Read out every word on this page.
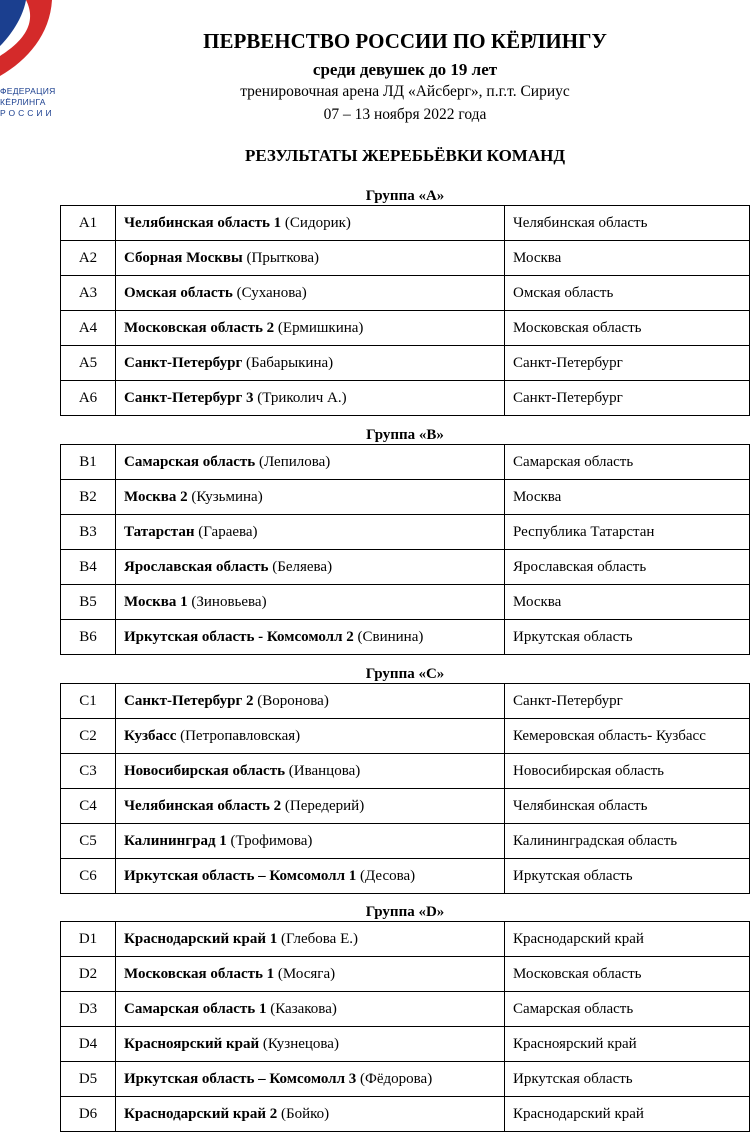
ФЕДЕРАЦИЯ
КЁРЛИНГА
РОССИИ
ПЕРВЕНСТВО РОССИИ ПО КЁРЛИНГУ
среди девушек до 19 лет
тренировочная арена ЛД «Айсберг», п.г.т. Сириус
07 – 13 ноября 2022 года
РЕЗУЛЬТАТЫ ЖЕРЕБЬЁВКИ КОМАНД
Группа «А»
A1	Челябинская область 1 (Сидорик)	Челябинская область
A2	Сборная Москвы (Прыткова)	Москва
A3	Омская область (Суханова)	Омская область
A4	Московская область 2 (Ермишкина)	Московская область
A5	Санкт-Петербург (Бабарыкина)	Санкт-Петербург
A6	Санкт-Петербург 3 (Триколич А.)	Санкт-Петербург
Группа «В»
B1	Самарская область (Лепилова)	Самарская область
B2	Москва 2 (Кузьмина)	Москва
B3	Татарстан (Гараева)	Республика Татарстан
B4	Ярославская область (Беляева)	Ярославская область
B5	Москва 1 (Зиновьева)	Москва
B6	Иркутская область - Комсомолл 2 (Свинина)	Иркутская область
Группа «С»
C1	Санкт-Петербург 2 (Воронова)	Санкт-Петербург
C2	Кузбасс (Петропавловская)	Кемеровская область- Кузбасс
C3	Новосибирская область (Иванцова)	Новосибирская область
C4	Челябинская область 2 (Передерий)	Челябинская область
C5	Калининград 1 (Трофимова)	Калининградская область
C6	Иркутская область – Комсомолл 1 (Десова)	Иркутская область
Группа «D»
D1	Краснодарский край 1 (Глебова Е.)	Краснодарский край
D2	Московская область 1 (Мосяга)	Московская область
D3	Самарская область 1 (Казакова)	Самарская область
D4	Красноярский край (Кузнецова)	Красноярский край
D5	Иркутская область – Комсомолл 3 (Фёдорова)	Иркутская область
D6	Краснодарский край 2 (Бойко)	Краснодарский край
